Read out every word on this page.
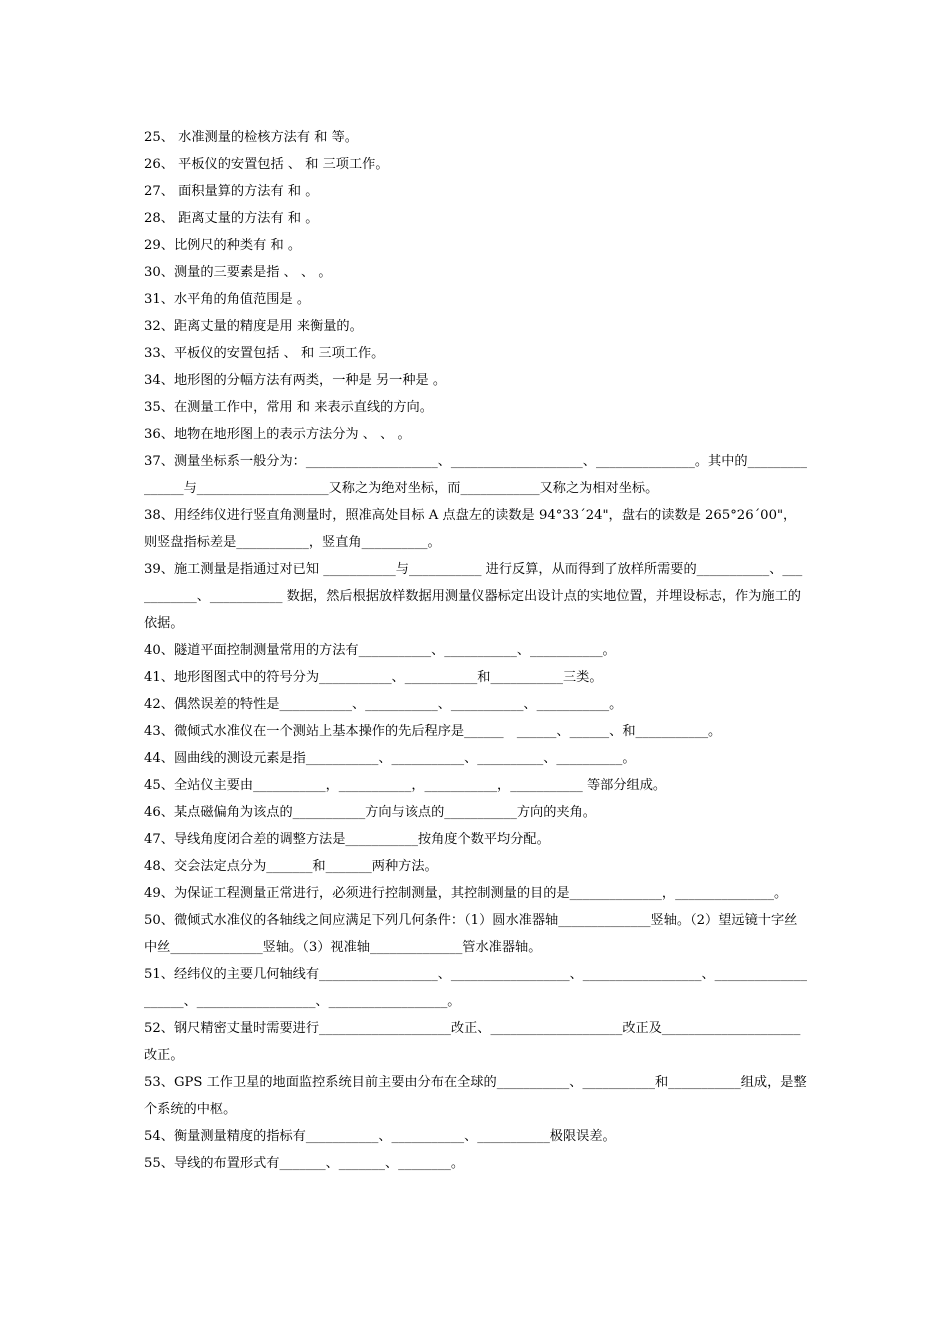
25、 水准测量的检核方法有 和 等。

26、 平板仪的安置包括 、 和 三项工作。

27、 面积量算的方法有 和 。

28、 距离丈量的方法有 和 。

29、比例尺的种类有 和 。

30、测量的三要素是指 、 、 。

31、水平角的角值范围是 。

32、距离丈量的精度是用 来衡量的。

33、平板仪的安置包括 、 和 三项工作。

34、地形图的分幅方法有两类，一种是 另一种是 。

35、在测量工作中，常用 和 来表示直线的方向。

36、地物在地形图上的表示方法分为 、 、 。

37、测量坐标系一般分为：____________________、____________________、_______________。其中的_______________与____________________又称之为绝对坐标，而____________又称之为相对坐标。

38、用经纬仪进行竖直角测量时，照准高处目标 A 点盘左的读数是 94°33´24"，盘右的读数是 265°26´00"，则竖盘指标差是___________，竖直角__________。

39、施工测量是指通过对已知 ___________与___________ 进行反算，从而得到了放样所需要的___________、___________、___________ 数据，然后根据放样数据用测量仪器标定出设计点的实地位置，并埋设标志，作为施工的依据。

40、隧道平面控制测量常用的方法有___________、___________、___________。

41、地形图图式中的符号分为___________、___________和___________三类。

42、偶然误差的特性是___________、___________、___________、___________。

43、微倾式水准仪在一个测站上基本操作的先后程序是______　______、______、和___________。

44、圆曲线的测设元素是指___________、___________、__________、__________。

45、全站仪主要由___________，___________，___________，___________ 等部分组成。

46、某点磁偏角为该点的___________方向与该点的___________方向的夹角。

47、导线角度闭合差的调整方法是___________按角度个数平均分配。

48、交会法定点分为_______和_______两种方法。

49、为保证工程测量正常进行，必须进行控制测量，其控制测量的目的是______________，_______________。

50、微倾式水准仪的各轴线之间应满足下列几何条件：（1）圆水准器轴______________竖轴。（2）望远镜十字丝中丝______________竖轴。（3）视准轴______________管水准器轴。

51、经纬仪的主要几何轴线有__________________、__________________、__________________、____________________、__________________、__________________。

52、钢尺精密丈量时需要进行____________________改正、____________________改正及_____________________改正。

53、GPS 工作卫星的地面监控系统目前主要由分布在全球的___________、___________和___________组成，是整个系统的中枢。

54、衡量测量精度的指标有___________、___________、___________极限误差。

55、导线的布置形式有_______、_______、________。
